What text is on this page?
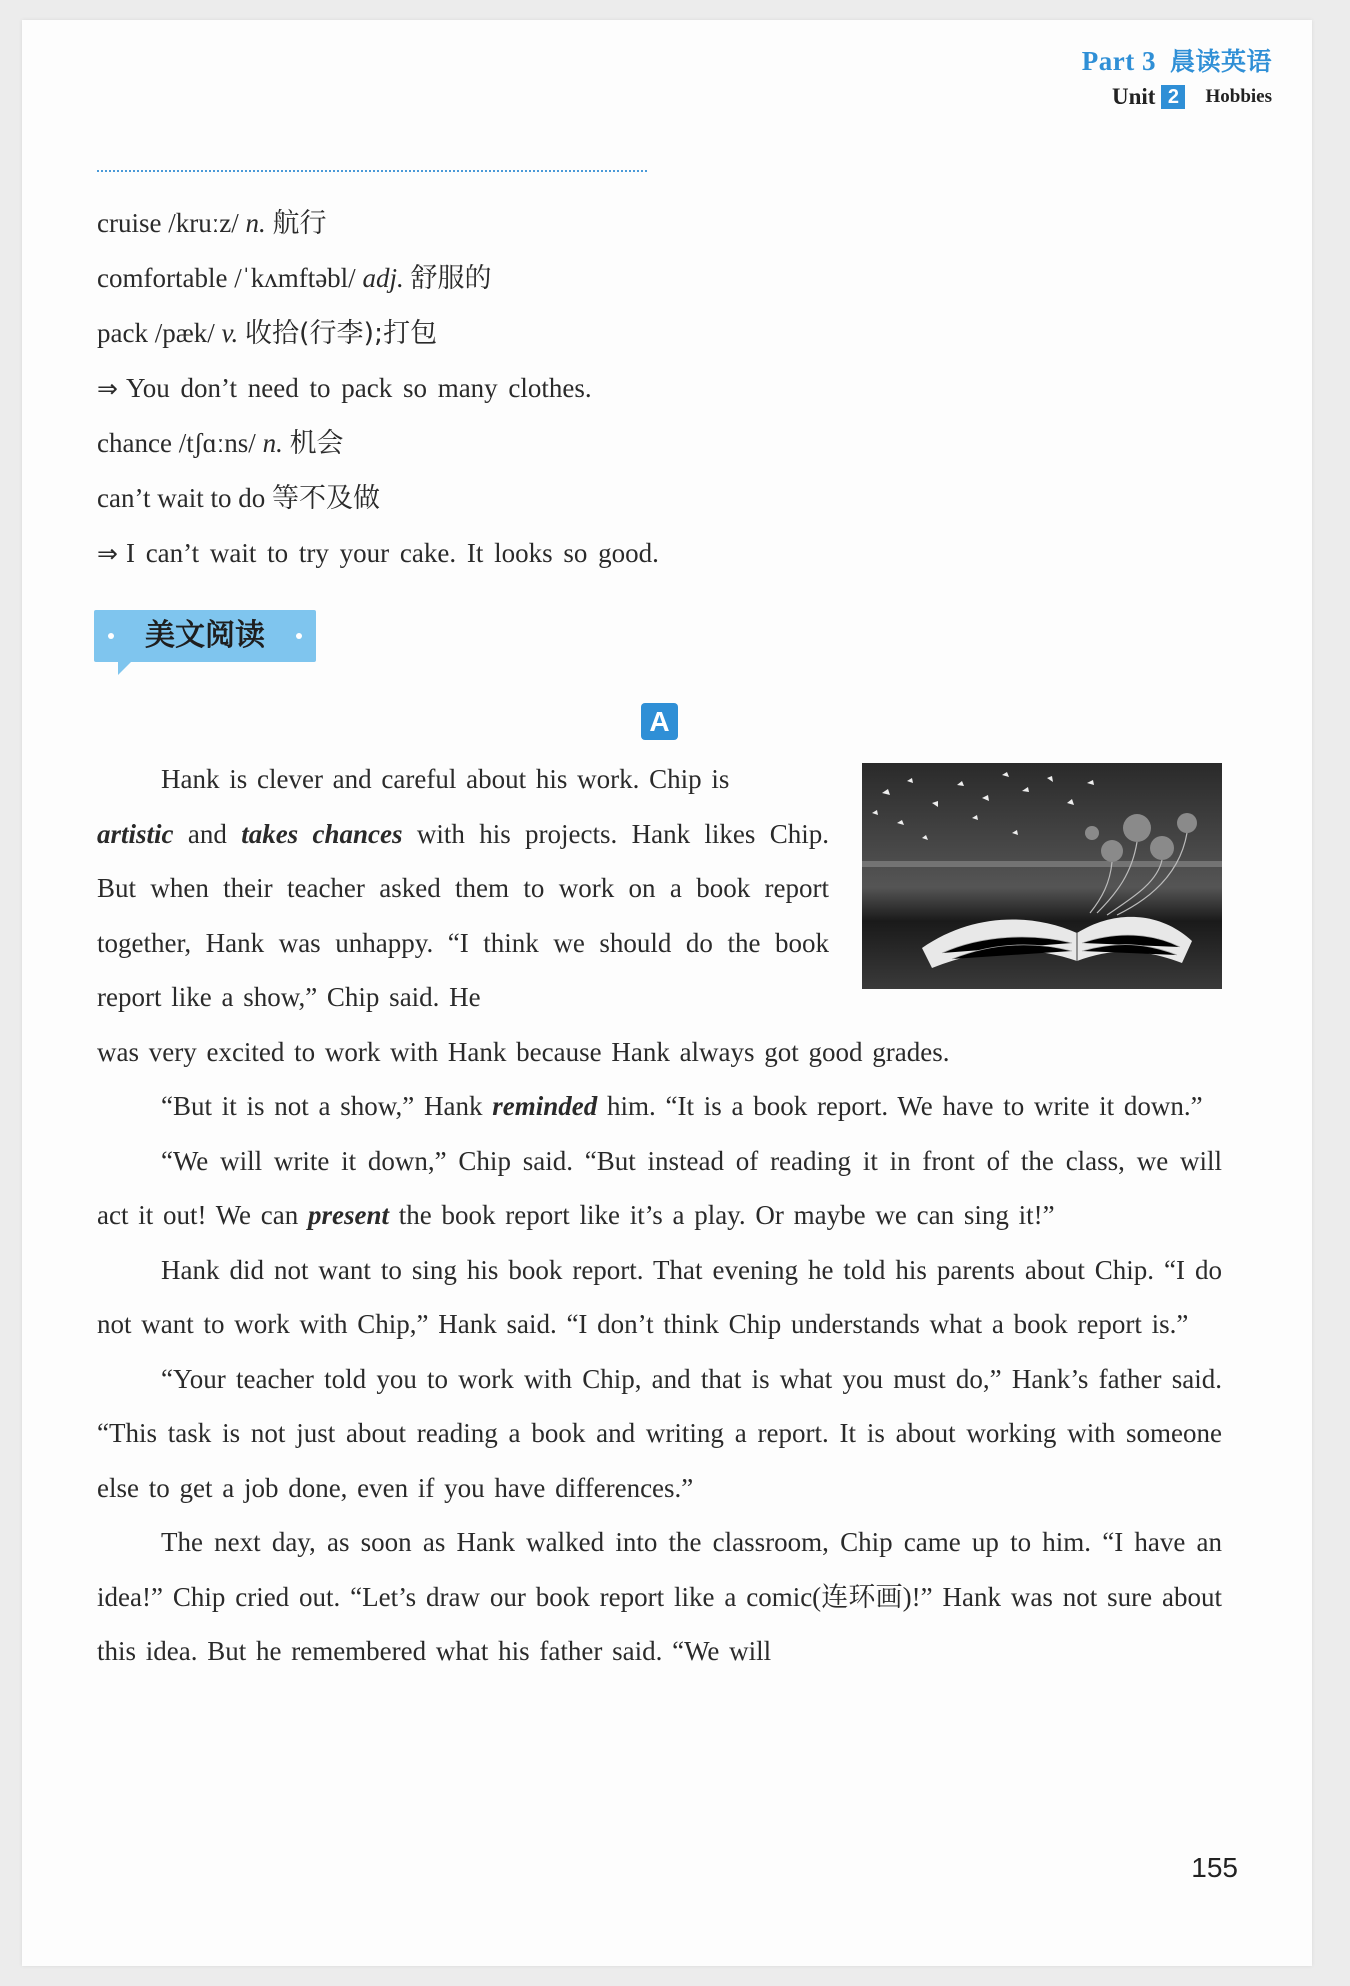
Part 3 晨读英语
Unit 2	Hobbies
cruise /kruːz/ n. 航行
comfortable /ˈkʌmftəbl/ adj. 舒服的
pack /pæk/ v. 收拾(行李);打包
⇒ You don’t need to pack so many clothes.
chance /tʃɑːns/ n. 机会
can’t wait to do 等不及做
⇒ I can’t wait to try your cake. It looks so good.
美文阅读
A

Hank is clever and careful about his work. Chip is

artistic and takes chances with his projects. Hank likes Chip. But when their teacher asked them to work on a book report together, Hank was unhappy. “I think we should do the book report like a show,” Chip said. He

was very excited to work with Hank because Hank always got good grades.

“But it is not a show,” Hank reminded him. “It is a book report. We have to write it down.”

“We will write it down,” Chip said. “But instead of reading it in front of the class, we will act it out! We can present the book report like it’s a play. Or maybe we can sing it!”

Hank did not want to sing his book report. That evening he told his parents about Chip. “I do not want to work with Chip,” Hank said. “I don’t think Chip understands what a book report is.”

“Your teacher told you to work with Chip, and that is what you must do,” Hank’s father said. “This task is not just about reading a book and writing a report. It is about working with someone else to get a job done, even if you have differences.”

The next day, as soon as Hank walked into the classroom, Chip came up to him. “I have an idea!” Chip cried out. “Let’s draw our book report like a comic(连环画)!” Hank was not sure about this idea. But he remembered what his father said. “We will

155
